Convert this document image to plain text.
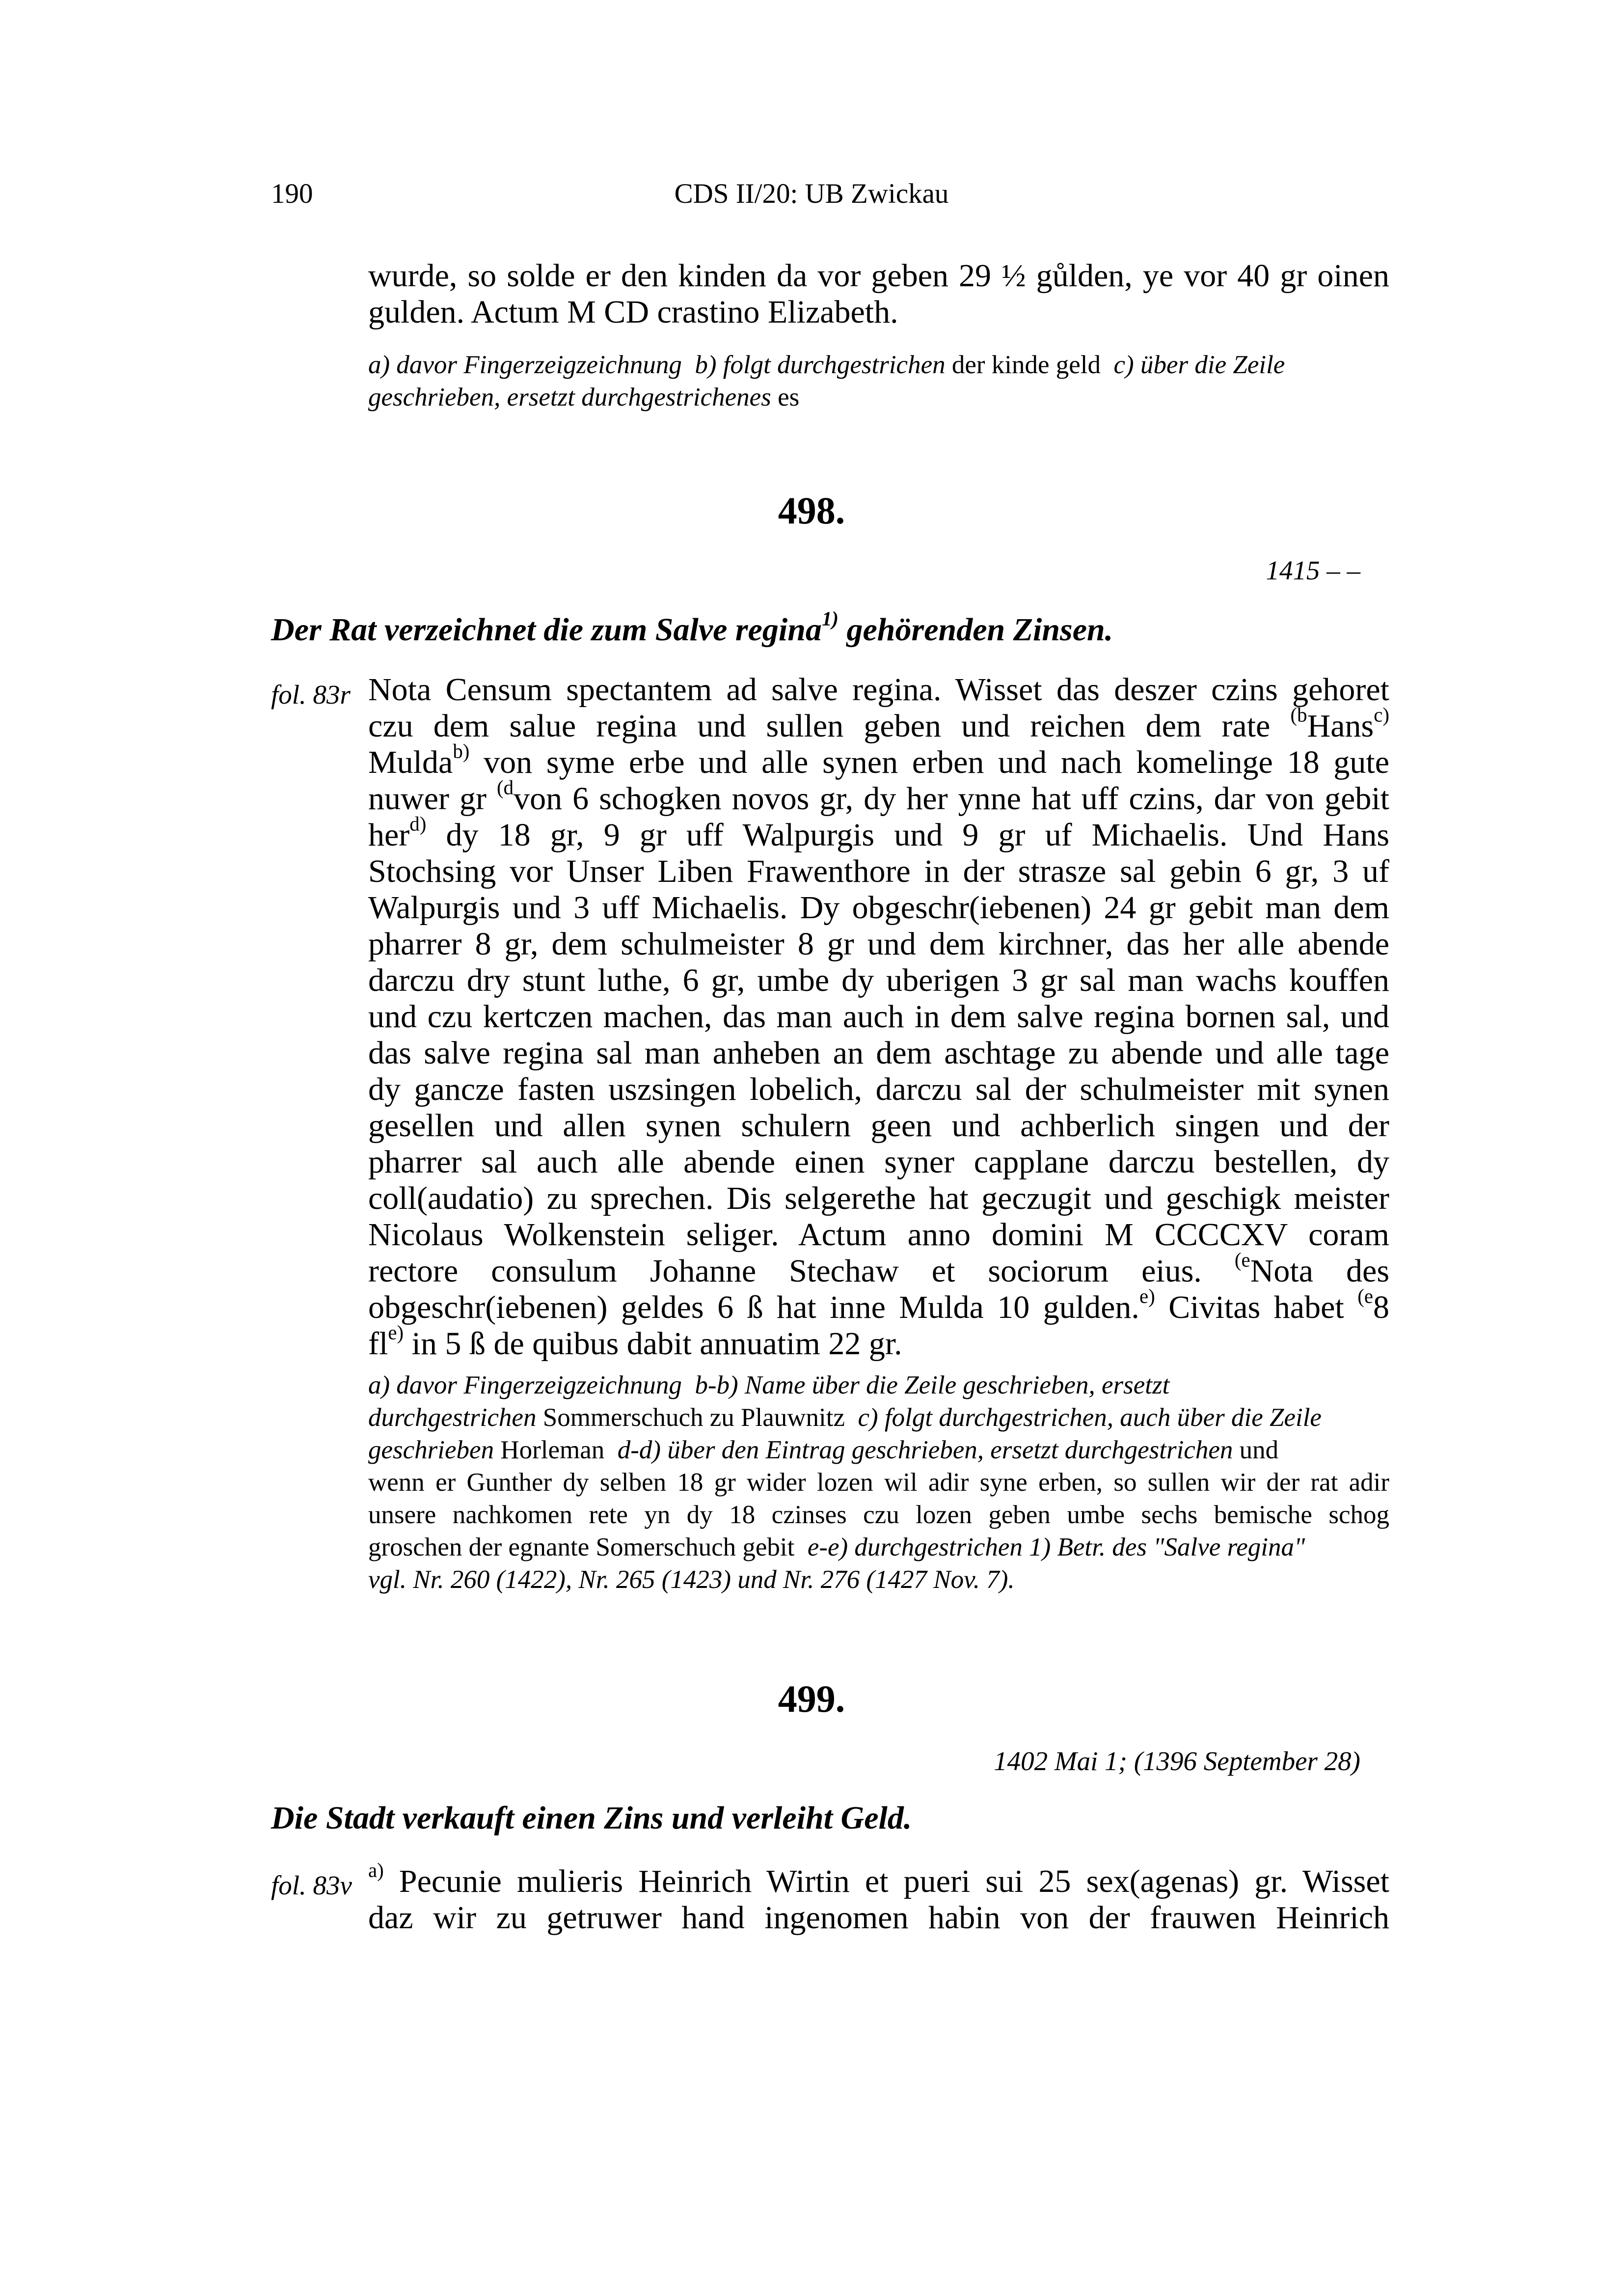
190	CDS II/20: UB Zwickau
wurde, so solde er den kinden da vor geben 29 ½ gůlden, ye vor 40 gr oinen
gulden. Actum M CD crastino Elizabeth.
a) davor Fingerzeigzeichnung b) folgt durchgestrichen der kinde geld c) über die Zeile
geschrieben, ersetzt durchgestrichenes es
498.
1415 – –
Der Rat verzeichnet die zum Salve regina$^{1)}$ gehörenden Zinsen.
fol. 83r Nota Censum spectantem ad salve regina. Wisset das deszer czins gehoret
czu dem salue regina und sullen geben und reichen dem rate $^{(b}$Hans$^{c)}$
Mulda$^{b)}$ von syme erbe und alle synen erben und nach komelinge 18 gute
nuwer gr $^{(d}$von 6 schogken novos gr, dy her ynne hat uff czins, dar von gebit
her$^{d)}$ dy 18 gr, 9 gr uff Walpurgis und 9 gr uf Michaelis. Und Hans
Stochsing vor Unser Liben Frawenthore in der strasze sal gebin 6 gr, 3 uf
Walpurgis und 3 uff Michaelis. Dy obgeschr(iebenen) 24 gr gebit man dem
pharrer 8 gr, dem schulmeister 8 gr und dem kirchner, das her alle abende
darczu dry stunt luthe, 6 gr, umbe dy uberigen 3 gr sal man wachs kouffen
und czu kertczen machen, das man auch in dem salve regina bornen sal, und
das salve regina sal man anheben an dem aschtage zu abende und alle tage
dy gancze fasten uszsingen lobelich, darczu sal der schulmeister mit synen
gesellen und allen synen schulern geen und achberlich singen und der
pharrer sal auch alle abende einen syner capplane darczu bestellen, dy
coll(audatio) zu sprechen. Dis selgerethe hat geczugit und geschigk meister
Nicolaus Wolkenstein seliger. Actum anno domini M CCCCXV coram
rectore consulum Johanne Stechaw et sociorum eius. $^{(e}$Nota des
obgeschr(iebenen) geldes 6 ß hat inne Mulda 10 gulden.$^{e)}$ Civitas habet $^{(e}$8
$fl^{e)}$ in 5 ß de quibus dabit annuatim 22 gr.
a) davor Fingerzeigzeichnung b-b) Name über die Zeile geschrieben, ersetzt
durchgestrichen Sommerschuch zu Plauwnitz c) folgt durchgestrichen, auch über die Zeile
geschrieben Horleman d-d) über den Eintrag geschrieben, ersetzt durchgestrichen und
wenn er Gunther dy selben 18 gr wider lozen wil adir syne erben, so sullen wir der rat adir
unsere nachkomen rete yn dy 18 czinses czu lozen geben umbe sechs bemische schog
groschen der egnante Somerschuch gebit e-e) durchgestrichen 1) Betr. des "Salve regina"
vgl. Nr. 260 (1422), Nr. 265 (1423) und Nr. 276 (1427 Nov. 7).
499.
1402 Mai 1; (1396 September 28)
Die Stadt verkauft einen Zins und verleiht Geld.
fol. 83v
$^{a)}$ Pecunie mulieris Heinrich Wirtin et pueri sui 25 sex(agenas) gr. Wisset
daz wir zu getruwer hand ingenomen habin von der frauwen Heinrich
